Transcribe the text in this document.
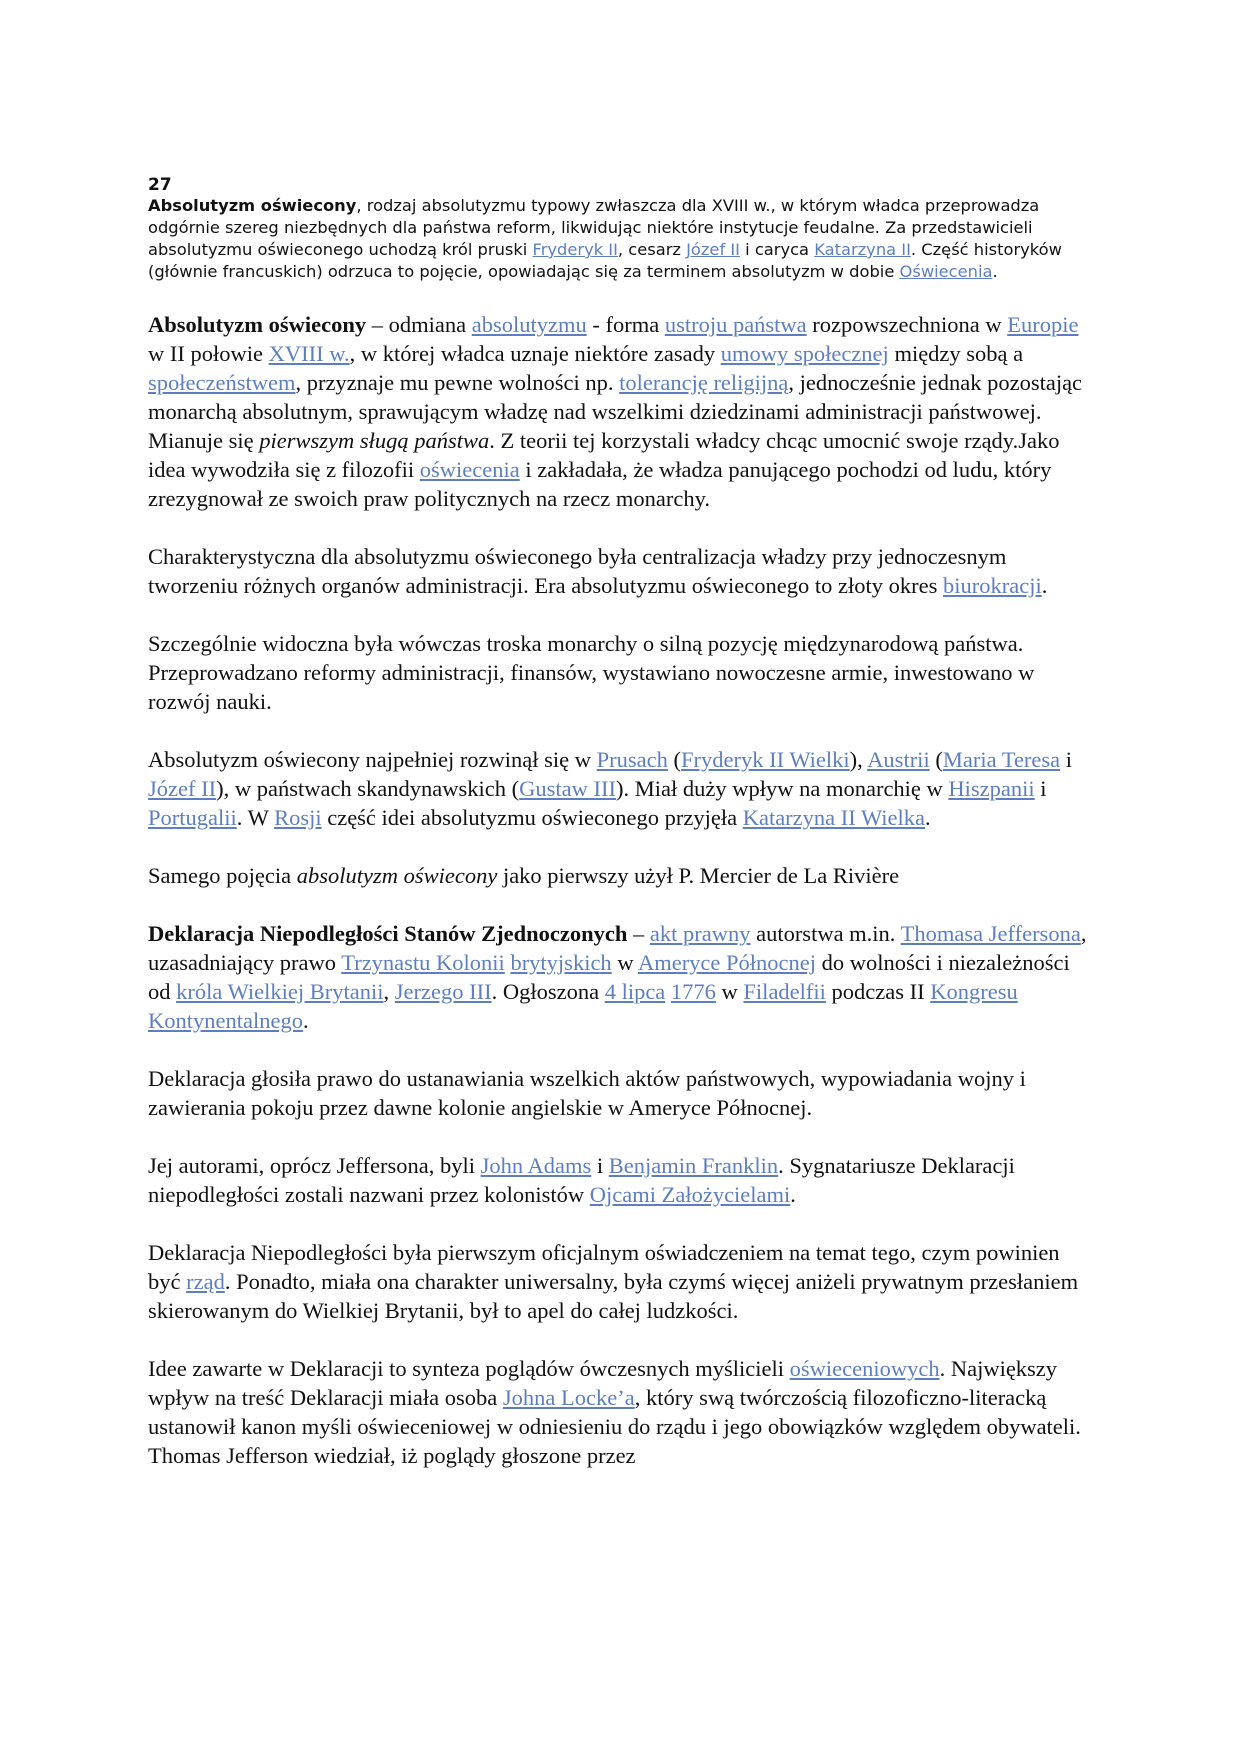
27

Absolutyzm oświecony, rodzaj absolutyzmu typowy zwłaszcza dla XVIII w., w którym władca przeprowadza odgórnie szereg niezbędnych dla państwa reform, likwidując niektóre instytucje feudalne. Za przedstawicieli absolutyzmu oświeconego uchodzą król pruski Fryderyk II, cesarz Józef II i caryca Katarzyna II. Część historyków (głównie francuskich) odrzuca to pojęcie, opowiadając się za terminem absolutyzm w dobie Oświecenia.

Absolutyzm oświecony – odmiana absolutyzmu - forma ustroju państwa rozpowszechniona w Europie w II połowie XVIII w., w której władca uznaje niektóre zasady umowy społecznej między sobą a społeczeństwem, przyznaje mu pewne wolności np. tolerancję religijną, jednocześnie jednak pozostając monarchą absolutnym, sprawującym władzę nad wszelkimi dziedzinami administracji państwowej. Mianuje się pierwszym sługą państwa. Z teorii tej korzystali władcy chcąc umocnić swoje rządy.Jako idea wywodziła się z filozofii oświecenia i zakładała, że władza panującego pochodzi od ludu, który zrezygnował ze swoich praw politycznych na rzecz monarchy.

Charakterystyczna dla absolutyzmu oświeconego była centralizacja władzy przy jednoczesnym tworzeniu różnych organów administracji. Era absolutyzmu oświeconego to złoty okres biurokracji.

Szczególnie widoczna była wówczas troska monarchy o silną pozycję międzynarodową państwa. Przeprowadzano reformy administracji, finansów, wystawiano nowoczesne armie, inwestowano w rozwój nauki.

Absolutyzm oświecony najpełniej rozwinął się w Prusach (Fryderyk II Wielki), Austrii (Maria Teresa i Józef II), w państwach skandynawskich (Gustaw III). Miał duży wpływ na monarchię w Hiszpanii i Portugalii. W Rosji część idei absolutyzmu oświeconego przyjęła Katarzyna II Wielka.

Samego pojęcia absolutyzm oświecony jako pierwszy użył P. Mercier de La Rivière

Deklaracja Niepodległości Stanów Zjednoczonych – akt prawny autorstwa m.in. Thomasa Jeffersona, uzasadniający prawo Trzynastu Kolonii brytyjskich w Ameryce Północnej do wolności i niezależności od króla Wielkiej Brytanii, Jerzego III. Ogłoszona 4 lipca 1776 w Filadelfii podczas II Kongresu Kontynentalnego.

Deklaracja głosiła prawo do ustanawiania wszelkich aktów państwowych, wypowiadania wojny i zawierania pokoju przez dawne kolonie angielskie w Ameryce Północnej.

Jej autorami, oprócz Jeffersona, byli John Adams i Benjamin Franklin. Sygnatariusze Deklaracji niepodległości zostali nazwani przez kolonistów Ojcami Założycielami.

Deklaracja Niepodległości była pierwszym oficjalnym oświadczeniem na temat tego, czym powinien być rząd. Ponadto, miała ona charakter uniwersalny, była czymś więcej aniżeli prywatnym przesłaniem skierowanym do Wielkiej Brytanii, był to apel do całej ludzkości.

Idee zawarte w Deklaracji to synteza poglądów ówczesnych myślicieli oświeceniowych. Największy wpływ na treść Deklaracji miała osoba Johna Locke’a, który swą twórczością filozoficzno-literacką ustanowił kanon myśli oświeceniowej w odniesieniu do rządu i jego obowiązków względem obywateli. Thomas Jefferson wiedział, iż poglądy głoszone przez
